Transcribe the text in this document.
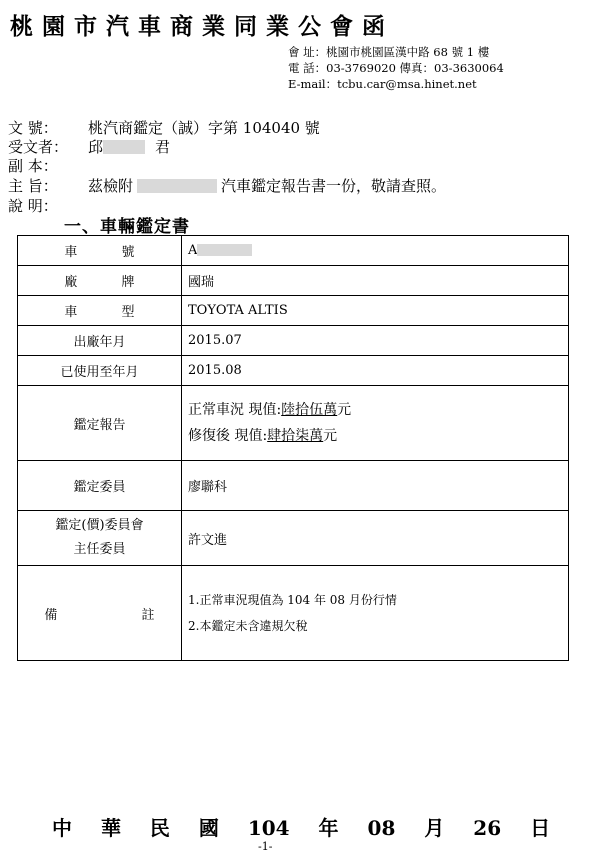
桃園市汽車商業同業公會函
會 址：桃園市桃園區漢中路 68 號 1 樓
電 話：03-3769020 傳真：03-3630064
E-mail：tcbu.car@msa.hinet.net
文 號： 桃汽商鑑定（誠）字第 104040 號
受文者： 邱	君
副 本：
主 旨： 茲檢附	汽車鑑定報告書一份，敬請查照。
說 明：
一、車輛鑑定書
車 號	A
廠 牌	國瑞
車 型	TOYOTA ALTIS
出廠年月	2015.07
已使用至年月	2015.08
鑑定報告	正常車況 現值:陸拾伍萬元
修復後 現值:肆拾柒萬元

鑑定委員	廖聯科

鑑定(價)委員會
主任委員	許文進
備 註	1.正常車況現值為 104 年 08 月份行情
2.本鑑定未含違規欠稅
中 華 民 國 104 年 08 月 26 日
-1-
